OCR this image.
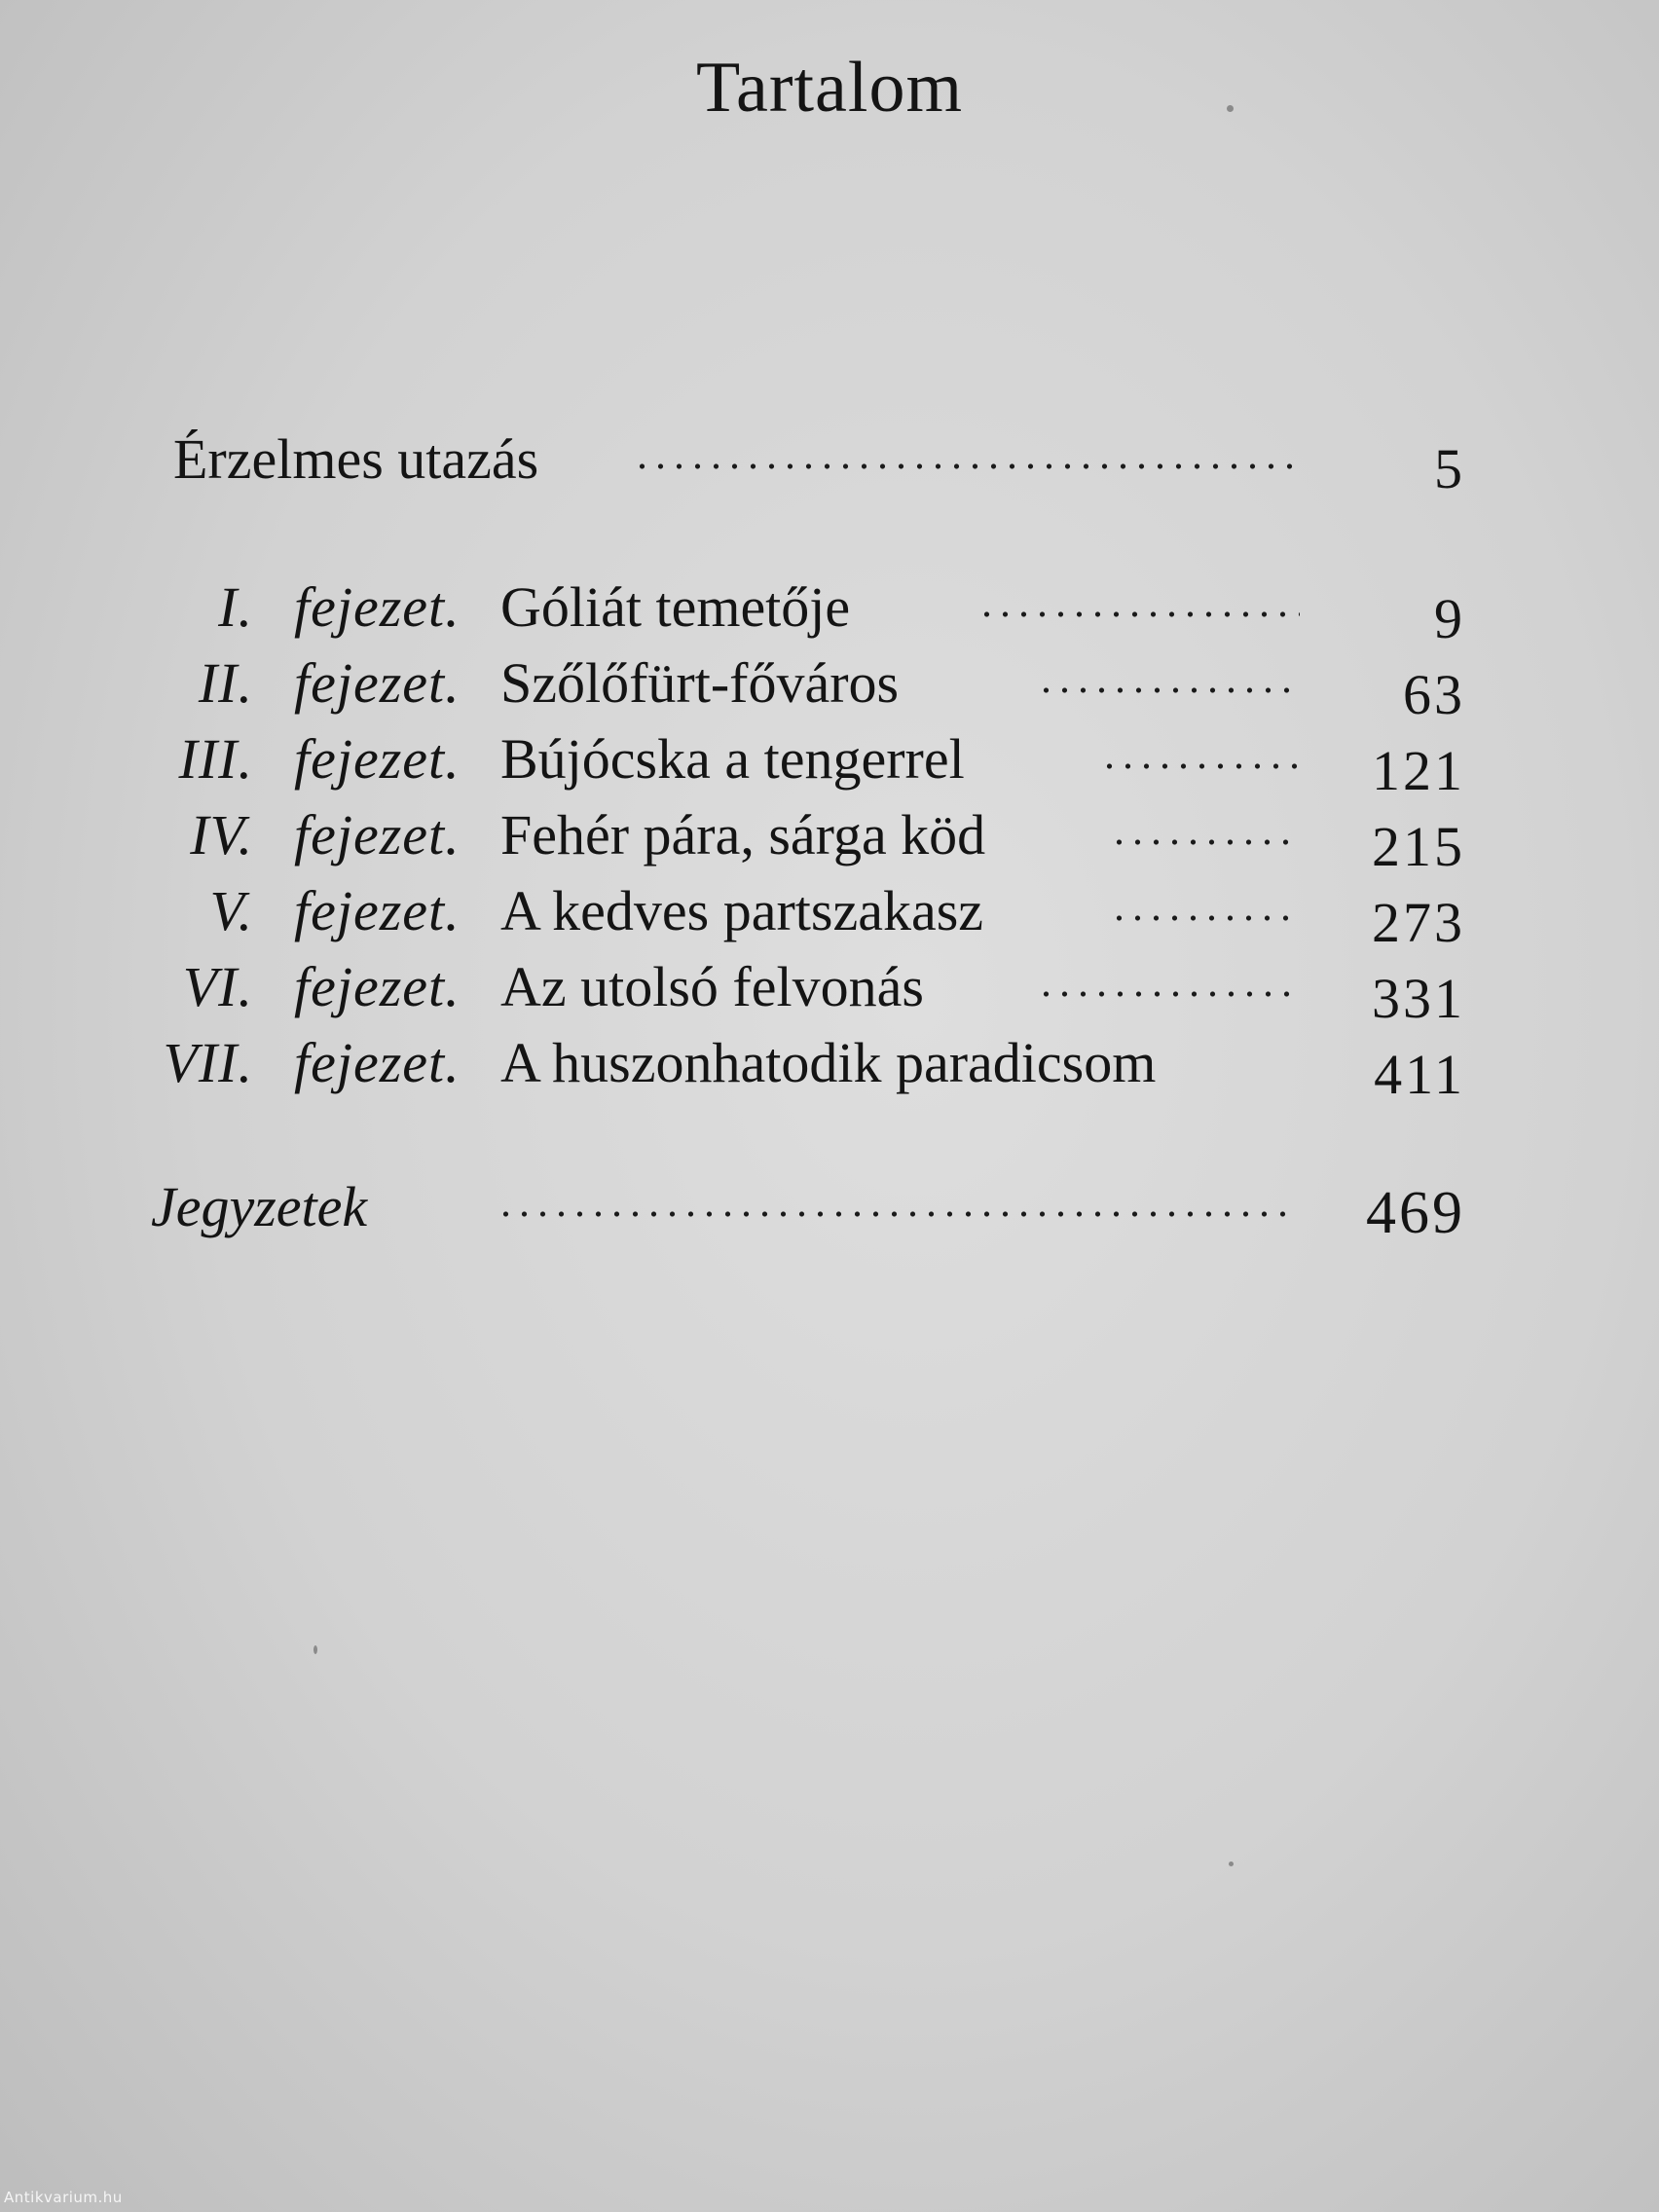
Tartalom
Érzelmes utazás	5
I. fejezet. Góliát temetője	9
II. fejezet. Szőlőfürt-főváros	63
III. fejezet. Bújócska a tengerrel	121
IV. fejezet. Fehér pára, sárga köd	215
V. fejezet. A kedves partszakasz	273
VI. fejezet. Az utolsó felvonás	331
VII. fejezet. A huszonhatodik paradicsom	411
Jegyzetek	469
Antikvarium.hu
